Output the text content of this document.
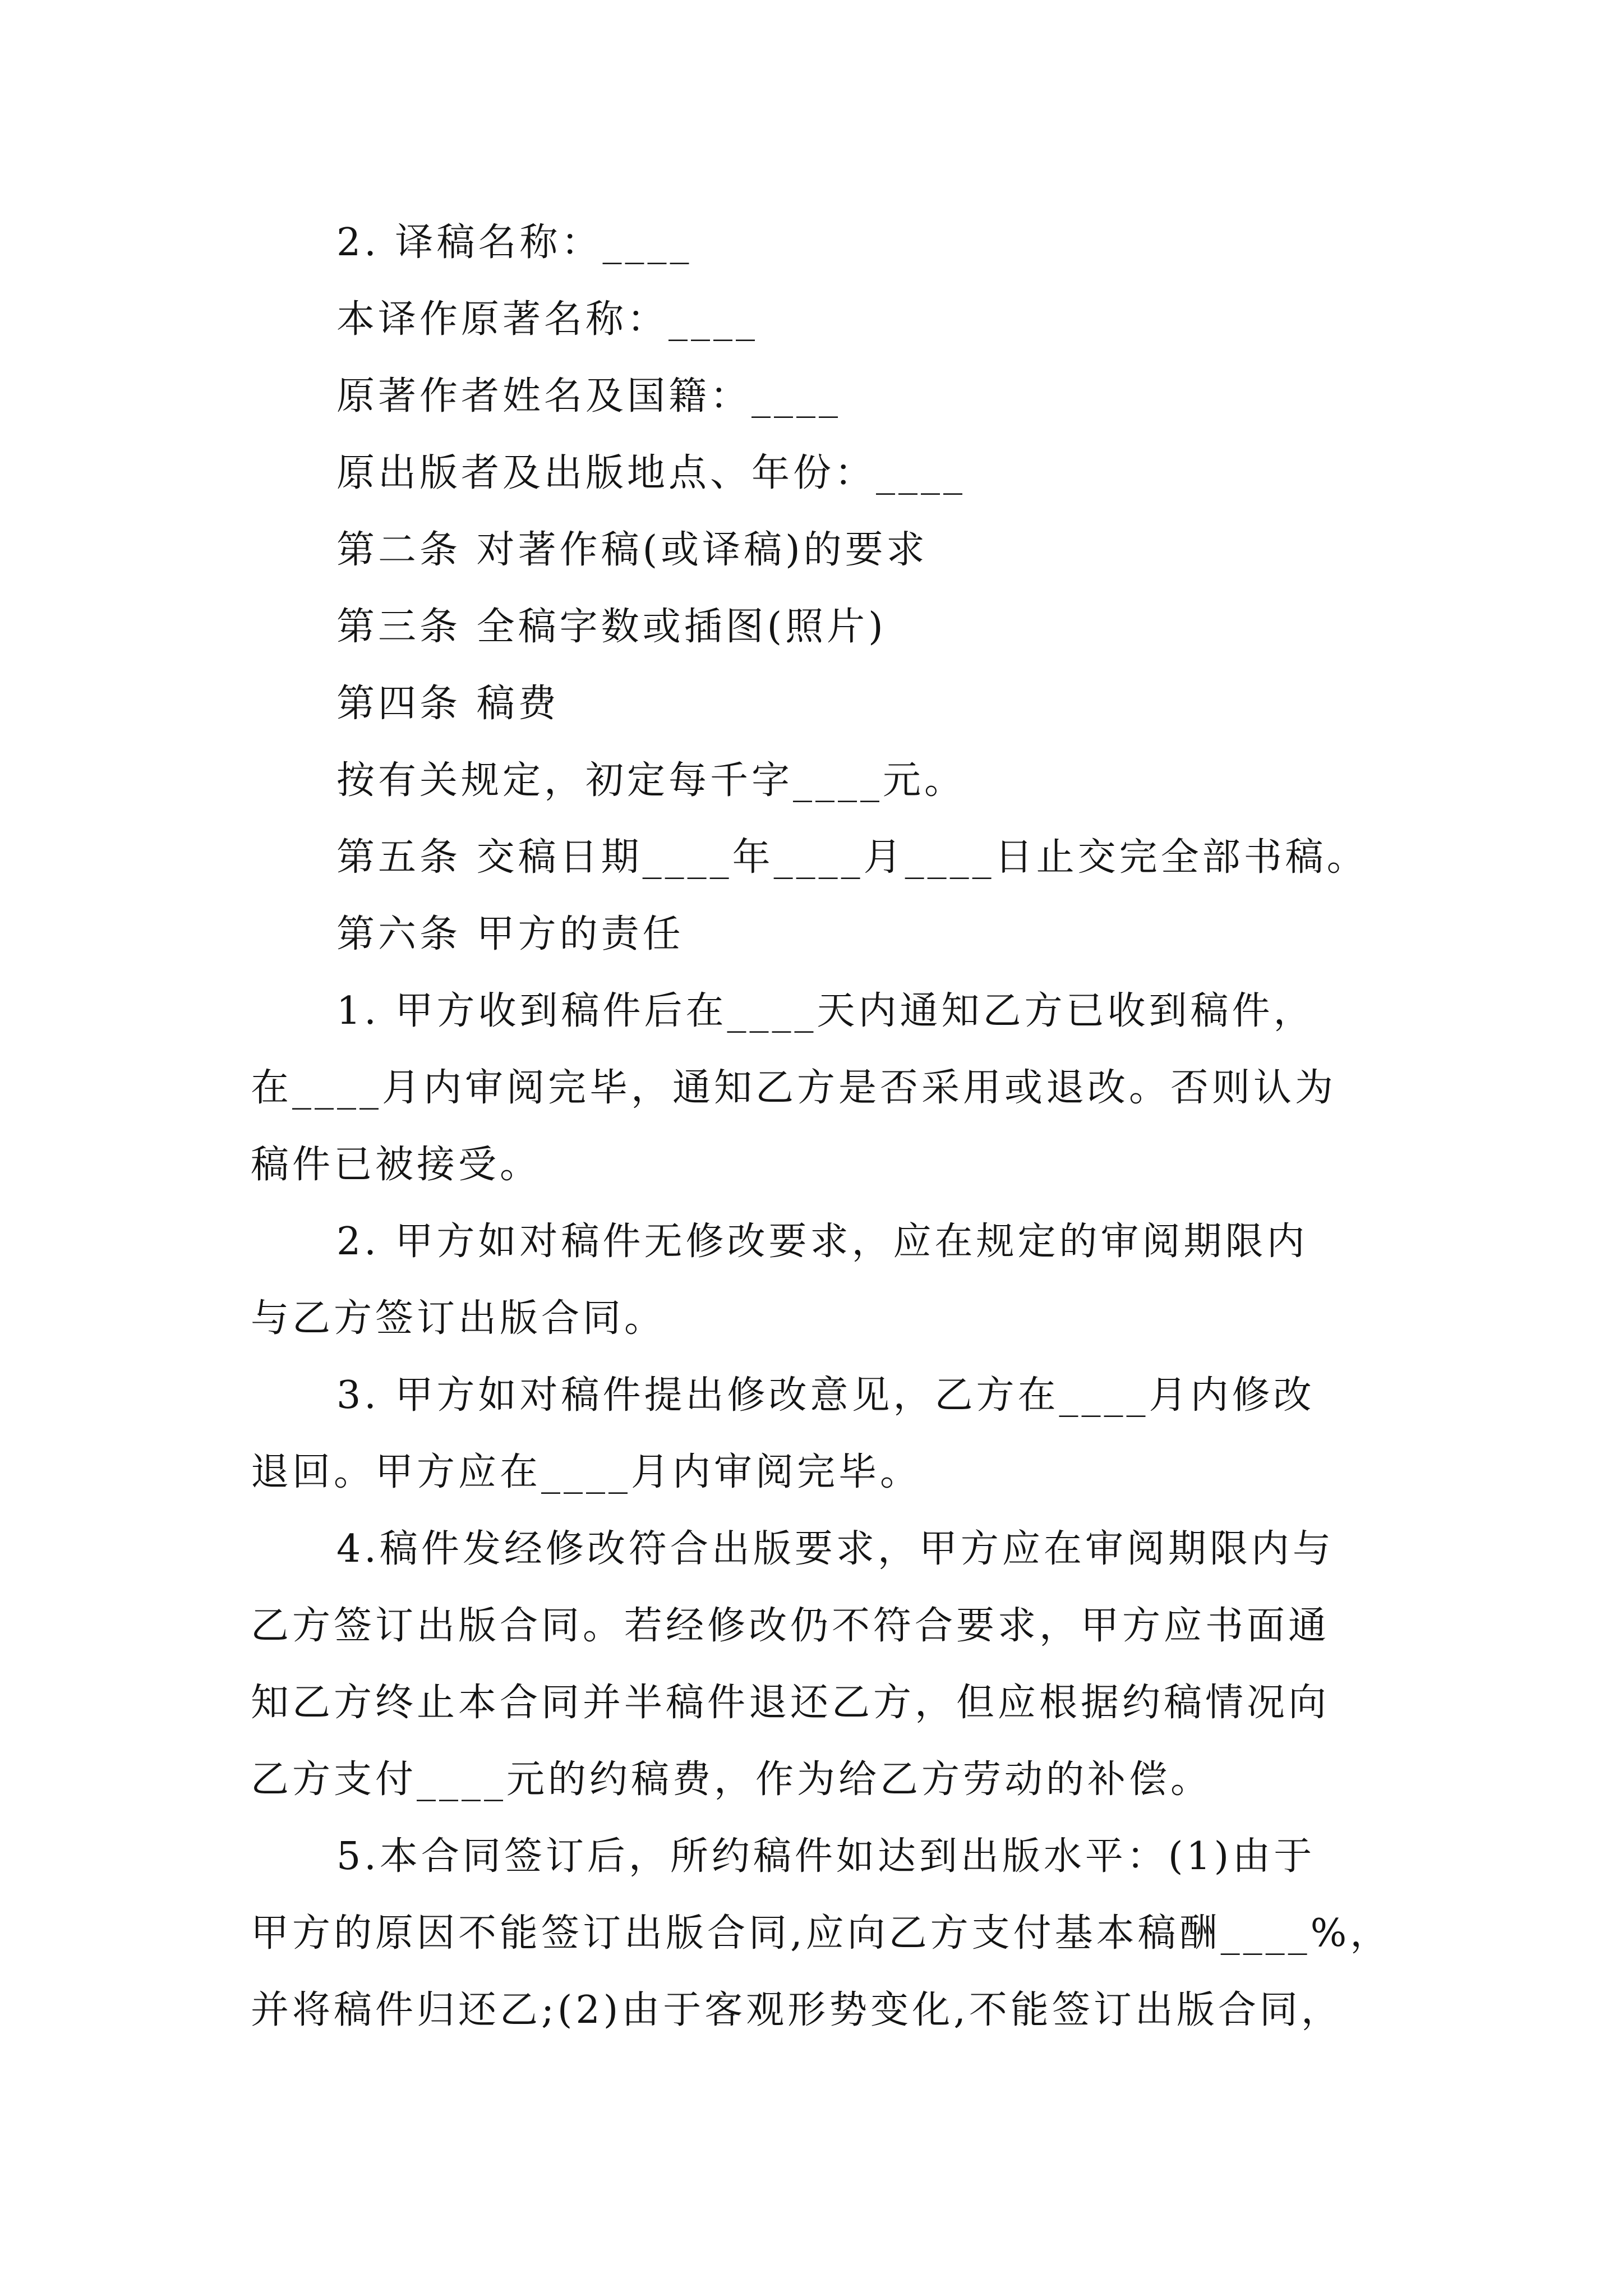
2. 译稿名称：____
本译作原著名称：____
原著作者姓名及国籍：____
原出版者及出版地点、年份：____
第二条 对著作稿(或译稿)的要求
第三条 全稿字数或插图(照片)
第四条 稿费
按有关规定，初定每千字____元。
第五条 交稿日期____年____月____日止交完全部书稿。
第六条 甲方的责任
1. 甲方收到稿件后在____天内通知乙方已收到稿件，
在____月内审阅完毕，通知乙方是否采用或退改。否则认为
稿件已被接受。
2. 甲方如对稿件无修改要求，应在规定的审阅期限内
与乙方签订出版合同。
3. 甲方如对稿件提出修改意见，乙方在____月内修改
退回。甲方应在____月内审阅完毕。
4.稿件发经修改符合出版要求，甲方应在审阅期限内与
乙方签订出版合同。若经修改仍不符合要求，甲方应书面通
知乙方终止本合同并半稿件退还乙方，但应根据约稿情况向
乙方支付____元的约稿费，作为给乙方劳动的补偿。
5.本合同签订后，所约稿件如达到出版水平：(1)由于
甲方的原因不能签订出版合同,应向乙方支付基本稿酬____%，
并将稿件归还乙;(2)由于客观形势变化,不能签订出版合同，
